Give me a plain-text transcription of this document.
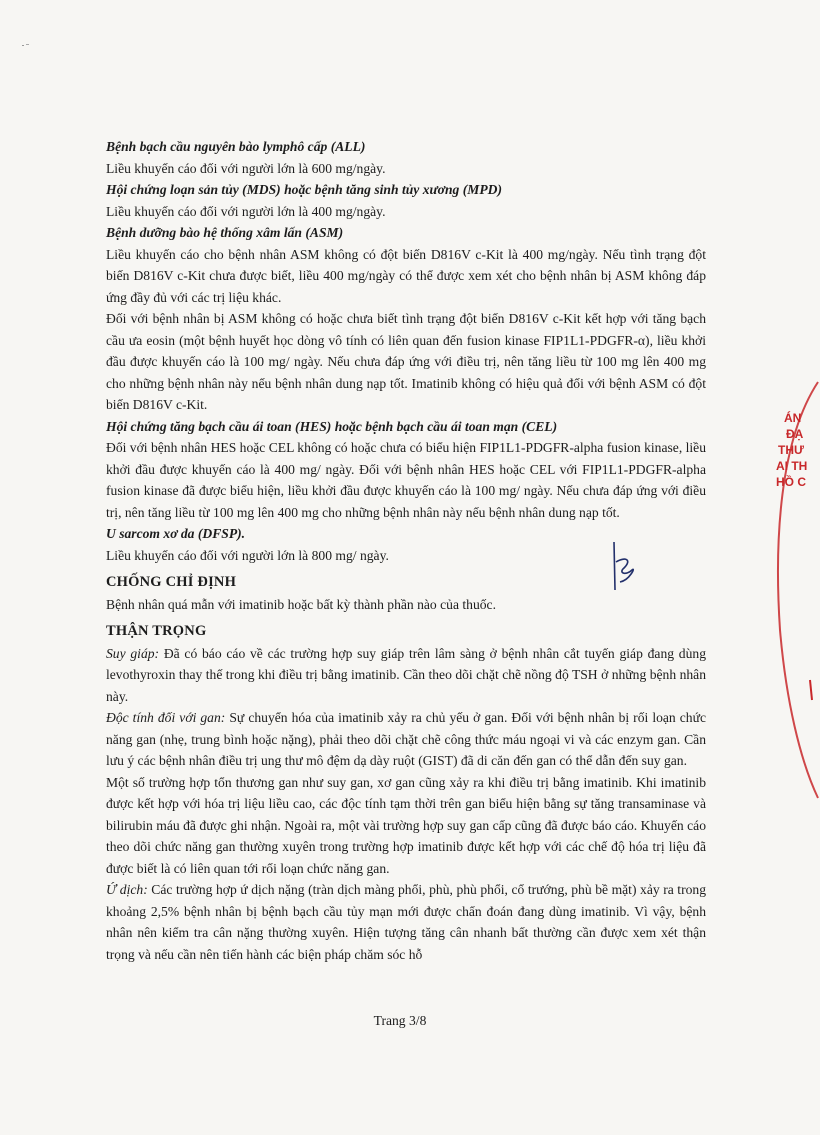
Bệnh bạch cầu nguyên bào lymphô cấp (ALL)

Liều khuyến cáo đối với người lớn là 600 mg/ngày.

Hội chứng loạn sản tủy (MDS) hoặc bệnh tăng sinh tủy xương (MPD)

Liều khuyến cáo đối với người lớn là 400 mg/ngày.

Bệnh dưỡng bào hệ thống xâm lấn (ASM)

Liều khuyến cáo cho bệnh nhân ASM không có đột biến D816V c-Kit là 400 mg/ngày. Nếu tình trạng đột biến D816V c-Kit chưa được biết, liều 400 mg/ngày có thể được xem xét cho bệnh nhân bị ASM không đáp ứng đầy đủ với các trị liệu khác.

Đối với bệnh nhân bị ASM không có hoặc chưa biết tình trạng đột biến D816V c-Kit kết hợp với tăng bạch cầu ưa eosin (một bệnh huyết học dòng vô tính có liên quan đến fusion kinase FIP1L1-PDGFR-α), liều khởi đầu được khuyến cáo là 100 mg/ ngày. Nếu chưa đáp ứng với điều trị, nên tăng liều từ 100 mg lên 400 mg cho những bệnh nhân này nếu bệnh nhân dung nạp tốt. Imatinib không có hiệu quả đối với bệnh ASM có đột biến D816V c-Kit.

Hội chứng tăng bạch cầu ái toan (HES) hoặc bệnh bạch cầu ái toan mạn (CEL)

Đối với bệnh nhân HES hoặc CEL không có hoặc chưa có biểu hiện FIP1L1-PDGFR-alpha fusion kinase, liều khởi đầu được khuyến cáo là 400 mg/ ngày. Đối với bệnh nhân HES hoặc CEL với FIP1L1-PDGFR-alpha fusion kinase đã được biểu hiện, liều khởi đầu được khuyến cáo là 100 mg/ ngày. Nếu chưa đáp ứng với điều trị, nên tăng liều từ 100 mg lên 400 mg cho những bệnh nhân này nếu bệnh nhân dung nạp tốt.

U sarcom xơ da (DFSP).

Liều khuyến cáo đối với người lớn là 800 mg/ ngày.

CHỐNG CHỈ ĐỊNH

Bệnh nhân quá mẫn với imatinib hoặc bất kỳ thành phần nào của thuốc.

THẬN TRỌNG

Suy giáp: Đã có báo cáo về các trường hợp suy giáp trên lâm sàng ở bệnh nhân cắt tuyến giáp đang dùng levothyroxin thay thế trong khi điều trị bằng imatinib. Cần theo dõi chặt chẽ nồng độ TSH ở những bệnh nhân này.

Độc tính đối với gan: Sự chuyển hóa của imatinib xảy ra chủ yếu ở gan. Đối với bệnh nhân bị rối loạn chức năng gan (nhẹ, trung bình hoặc nặng), phải theo dõi chặt chẽ công thức máu ngoại vi và các enzym gan. Cần lưu ý các bệnh nhân điều trị ung thư mô đệm dạ dày ruột (GIST) đã di căn đến gan có thể dẫn đến suy gan.

Một số trường hợp tổn thương gan như suy gan, xơ gan cũng xảy ra khi điều trị bằng imatinib. Khi imatinib được kết hợp với hóa trị liệu liều cao, các độc tính tạm thời trên gan biểu hiện bằng sự tăng transaminase và bilirubin máu đã được ghi nhận. Ngoài ra, một vài trường hợp suy gan cấp cũng đã được báo cáo. Khuyến cáo theo dõi chức năng gan thường xuyên trong trường hợp imatinib được kết hợp với các chế độ hóa trị liệu đã được biết là có liên quan tới rối loạn chức năng gan.

Ứ dịch: Các trường hợp ứ dịch nặng (tràn dịch màng phổi, phù, phù phổi, cổ trướng, phù bề mặt) xảy ra trong khoảng 2,5% bệnh nhân bị bệnh bạch cầu tủy mạn mới được chẩn đoán đang dùng imatinib. Vì vậy, bệnh nhân nên kiểm tra cân nặng thường xuyên. Hiện tượng tăng cân nhanh bất thường cần được xem xét thận trọng và nếu cần nên tiến hành các biện pháp chăm sóc hỗ

ÁN
ĐẠ
THƯ
AI TH
HỒ C
Trang 3/8
